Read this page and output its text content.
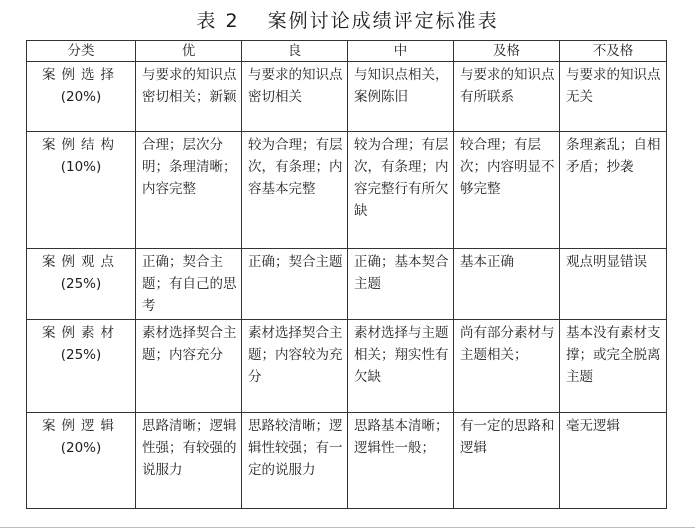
表 2 案例讨论成绩评定标准表
分类	优	良	中	及格	不及格

案例选择
(20%)	与要求的知识点密切相关；新颖	与要求的知识点密切相关	与知识点相关，案例陈旧	与要求的知识点有所联系	与要求的知识点无关

案例结构
(10%)	合理；层次分明；条理清晰；内容完整	较为合理；有层次，有条理；内容基本完整	较为合理；有层次，有条理；内容完整行有所欠缺	较合理；有层次；内容明显不够完整	条理紊乱；自相矛盾；抄袭

案例观点
(25%)	正确；契合主题；有自己的思考	正确；契合主题	正确；基本契合主题	基本正确	观点明显错误

案例素材
(25%)	素材选择契合主题；内容充分	素材选择契合主题；内容较为充分	素材选择与主题相关；翔实性有欠缺	尚有部分素材与主题相关；	基本没有素材支撑；或完全脱离主题

案例逻辑
(20%)	思路清晰；逻辑性强；有较强的说服力	思路较清晰；逻辑性较强；有一定的说服力	思路基本清晰；逻辑性一般；	有一定的思路和逻辑	毫无逻辑
